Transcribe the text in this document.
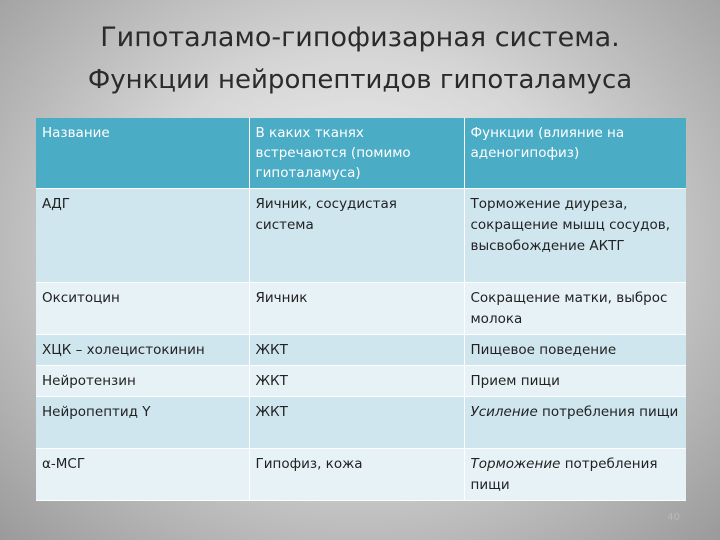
Гипоталамо-гипофизарная система.
Функции нейропептидов гипоталамуса
Название	В каких тканях встречаются (помимо гипоталамуса)	Функции (влияние на аденогипофиз)
АДГ	Яичник, сосудистая система	Торможение диуреза, сокращение мышц сосудов, высвобождение АКТГ
Окситоцин	Яичник	Сокращение матки, выброс молока
ХЦК – холецистокинин	ЖКТ	Пищевое поведение
Нейротензин	ЖКТ	Прием пищи
Нейропептид Y	ЖКТ	Усиление потребления пищи
α-МСГ	Гипофиз, кожа	Торможение потребления пищи
40
